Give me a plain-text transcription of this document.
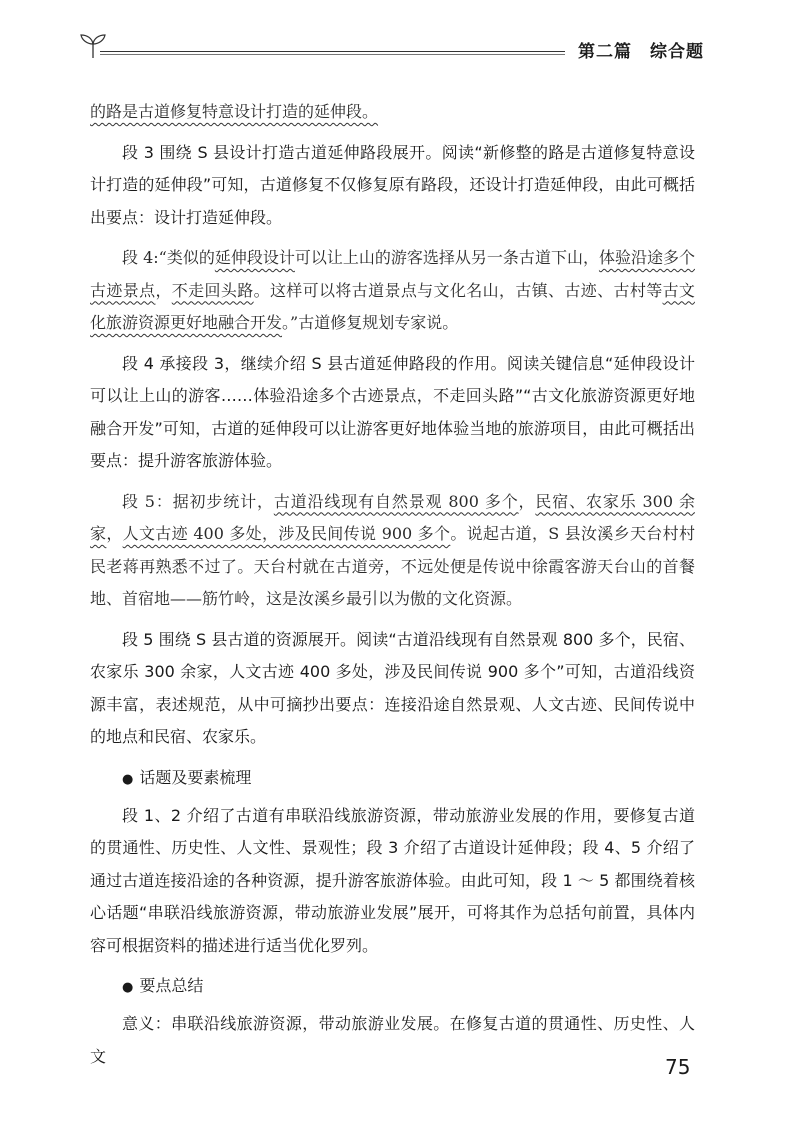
第二篇　综合题

的路是古道修复特意设计打造的延伸段。

段 3 围绕 S 县设计打造古道延伸路段展开。阅读“新修整的路是古道修复特意设计打造的延伸段”可知，古道修复不仅修复原有路段，还设计打造延伸段，由此可概括出要点：设计打造延伸段。

段 4:“类似的延伸段设计可以让上山的游客选择从另一条古道下山，体验沿途多个古迹景点，不走回头路。这样可以将古道景点与文化名山，古镇、古迹、古村等古文化旅游资源更好地融合开发。”古道修复规划专家说。

段 4 承接段 3，继续介绍 S 县古道延伸路段的作用。阅读关键信息“延伸段设计可以让上山的游客……体验沿途多个古迹景点，不走回头路”“古文化旅游资源更好地融合开发”可知，古道的延伸段可以让游客更好地体验当地的旅游项目，由此可概括出要点：提升游客旅游体验。

段 5：据初步统计，古道沿线现有自然景观 800 多个，民宿、农家乐 300 余家，人文古迹 400 多处，涉及民间传说 900 多个。说起古道，S 县汝溪乡天台村村民老蒋再熟悉不过了。天台村就在古道旁，不远处便是传说中徐霞客游天台山的首餐地、首宿地——筋竹岭，这是汝溪乡最引以为傲的文化资源。

段 5 围绕 S 县古道的资源展开。阅读“古道沿线现有自然景观 800 多个，民宿、农家乐 300 余家，人文古迹 400 多处，涉及民间传说 900 多个”可知，古道沿线资源丰富，表述规范，从中可摘抄出要点：连接沿途自然景观、人文古迹、民间传说中的地点和民宿、农家乐。

● 话题及要素梳理

段 1、2 介绍了古道有串联沿线旅游资源，带动旅游业发展的作用，要修复古道的贯通性、历史性、人文性、景观性；段 3 介绍了古道设计延伸段；段 4、5 介绍了通过古道连接沿途的各种资源，提升游客旅游体验。由此可知，段 1 ～ 5 都围绕着核心话题“串联沿线旅游资源，带动旅游业发展”展开，可将其作为总括句前置，具体内容可根据资料的描述进行适当优化罗列。

● 要点总结

意义：串联沿线旅游资源，带动旅游业发展。在修复古道的贯通性、历史性、人文	75
